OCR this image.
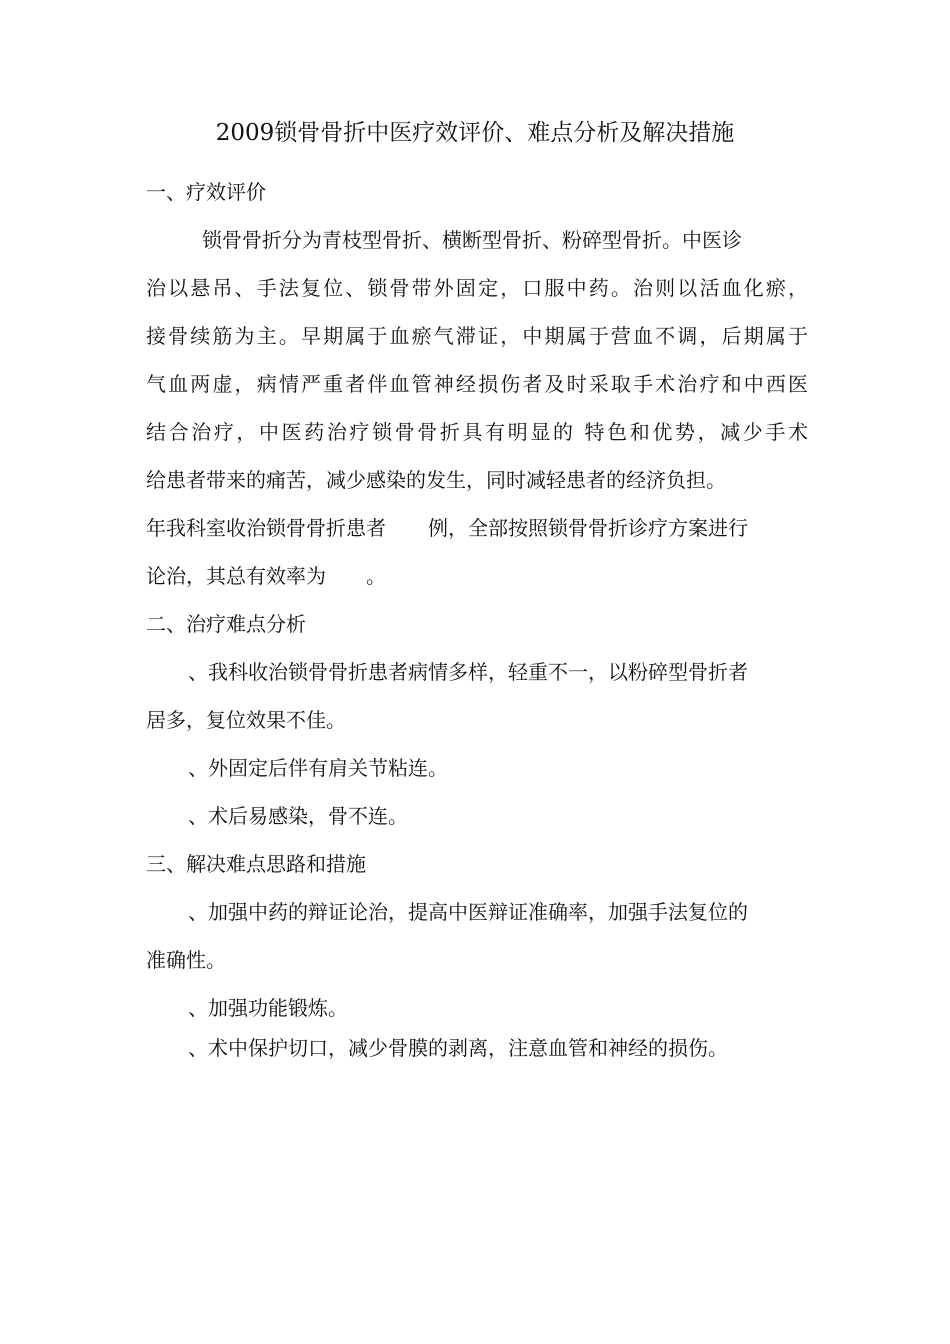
2009锁骨骨折中医疗效评价、难点分析及解决措施
一、疗效评价
锁骨骨折分为青枝型骨折、横断型骨折、粉碎型骨折。中医诊
治以悬吊、手法复位、锁骨带外固定，口服中药。治则以活血化瘀，
接骨续筋为主。早期属于血瘀气滞证，中期属于营血不调，后期属于
气血两虚，病情严重者伴血管神经损伤者及时采取手术治疗和中西医
结合治疗，中医药治疗锁骨骨折具有明显的 特色和优势，减少手术
给患者带来的痛苦，减少感染的发生，同时减轻患者的经济负担。
年我科室收治锁骨骨折患者 例，全部按照锁骨骨折诊疗方案进行
论治，其总有效率为 。
二、治疗难点分析
、我科收治锁骨骨折患者病情多样，轻重不一，以粉碎型骨折者
居多，复位效果不佳。
、外固定后伴有肩关节粘连。
、术后易感染，骨不连。
三、解决难点思路和措施
、加强中药的辩证论治，提高中医辩证准确率，加强手法复位的
准确性。
、加强功能锻炼。
、术中保护切口，减少骨膜的剥离，注意血管和神经的损伤。
